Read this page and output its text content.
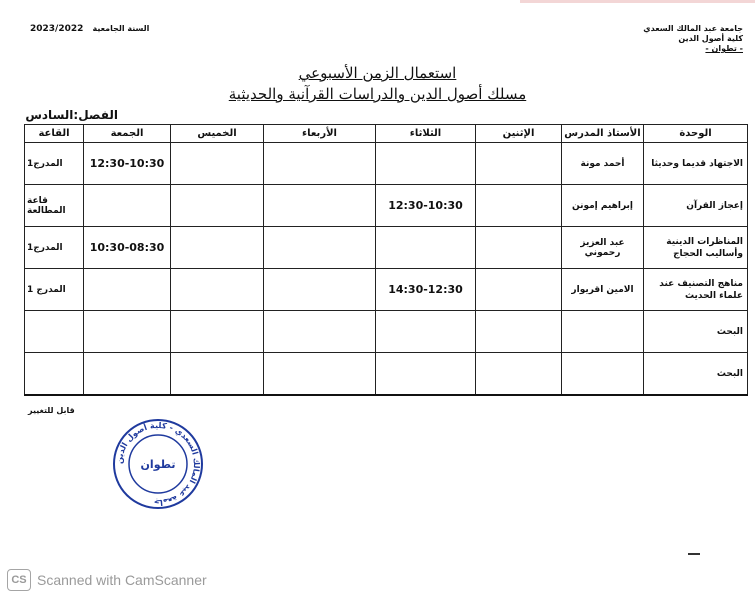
جامعة عبد المالك السعدي
كلية أصول الدين
- تطوان -
السنة الجامعية 2023/2022
استعمال الزمن الأسبوعي
مسلك أصول الدين والدراسات القرآنية والحديثية
الفصل:السادس
الوحدة	الأستاذ المدرس	الإثنين	الثلاثاء	الأربعاء	الخميس	الجمعة	القاعة
الاجتهاد قديما وحديثا	أحمد مونة					12:30-10:30	المدرج1
إعجاز القرآن	إبراهيم إمونن		12:30-10:30				قاعة المطالعة
المناظرات الدينية وأساليب الحجاج	عبد العزيز رحموني					10:30-08:30	المدرج1
مناهج التصنيف عند علماء الحديث	الامين اقريوار		14:30-12:30				المدرج 1
البحث							
البحث							
قابل للتغيير
جامعة عبد المالك السعدي - كلية أصول الدين
تطوان
CS Scanned with CamScanner
